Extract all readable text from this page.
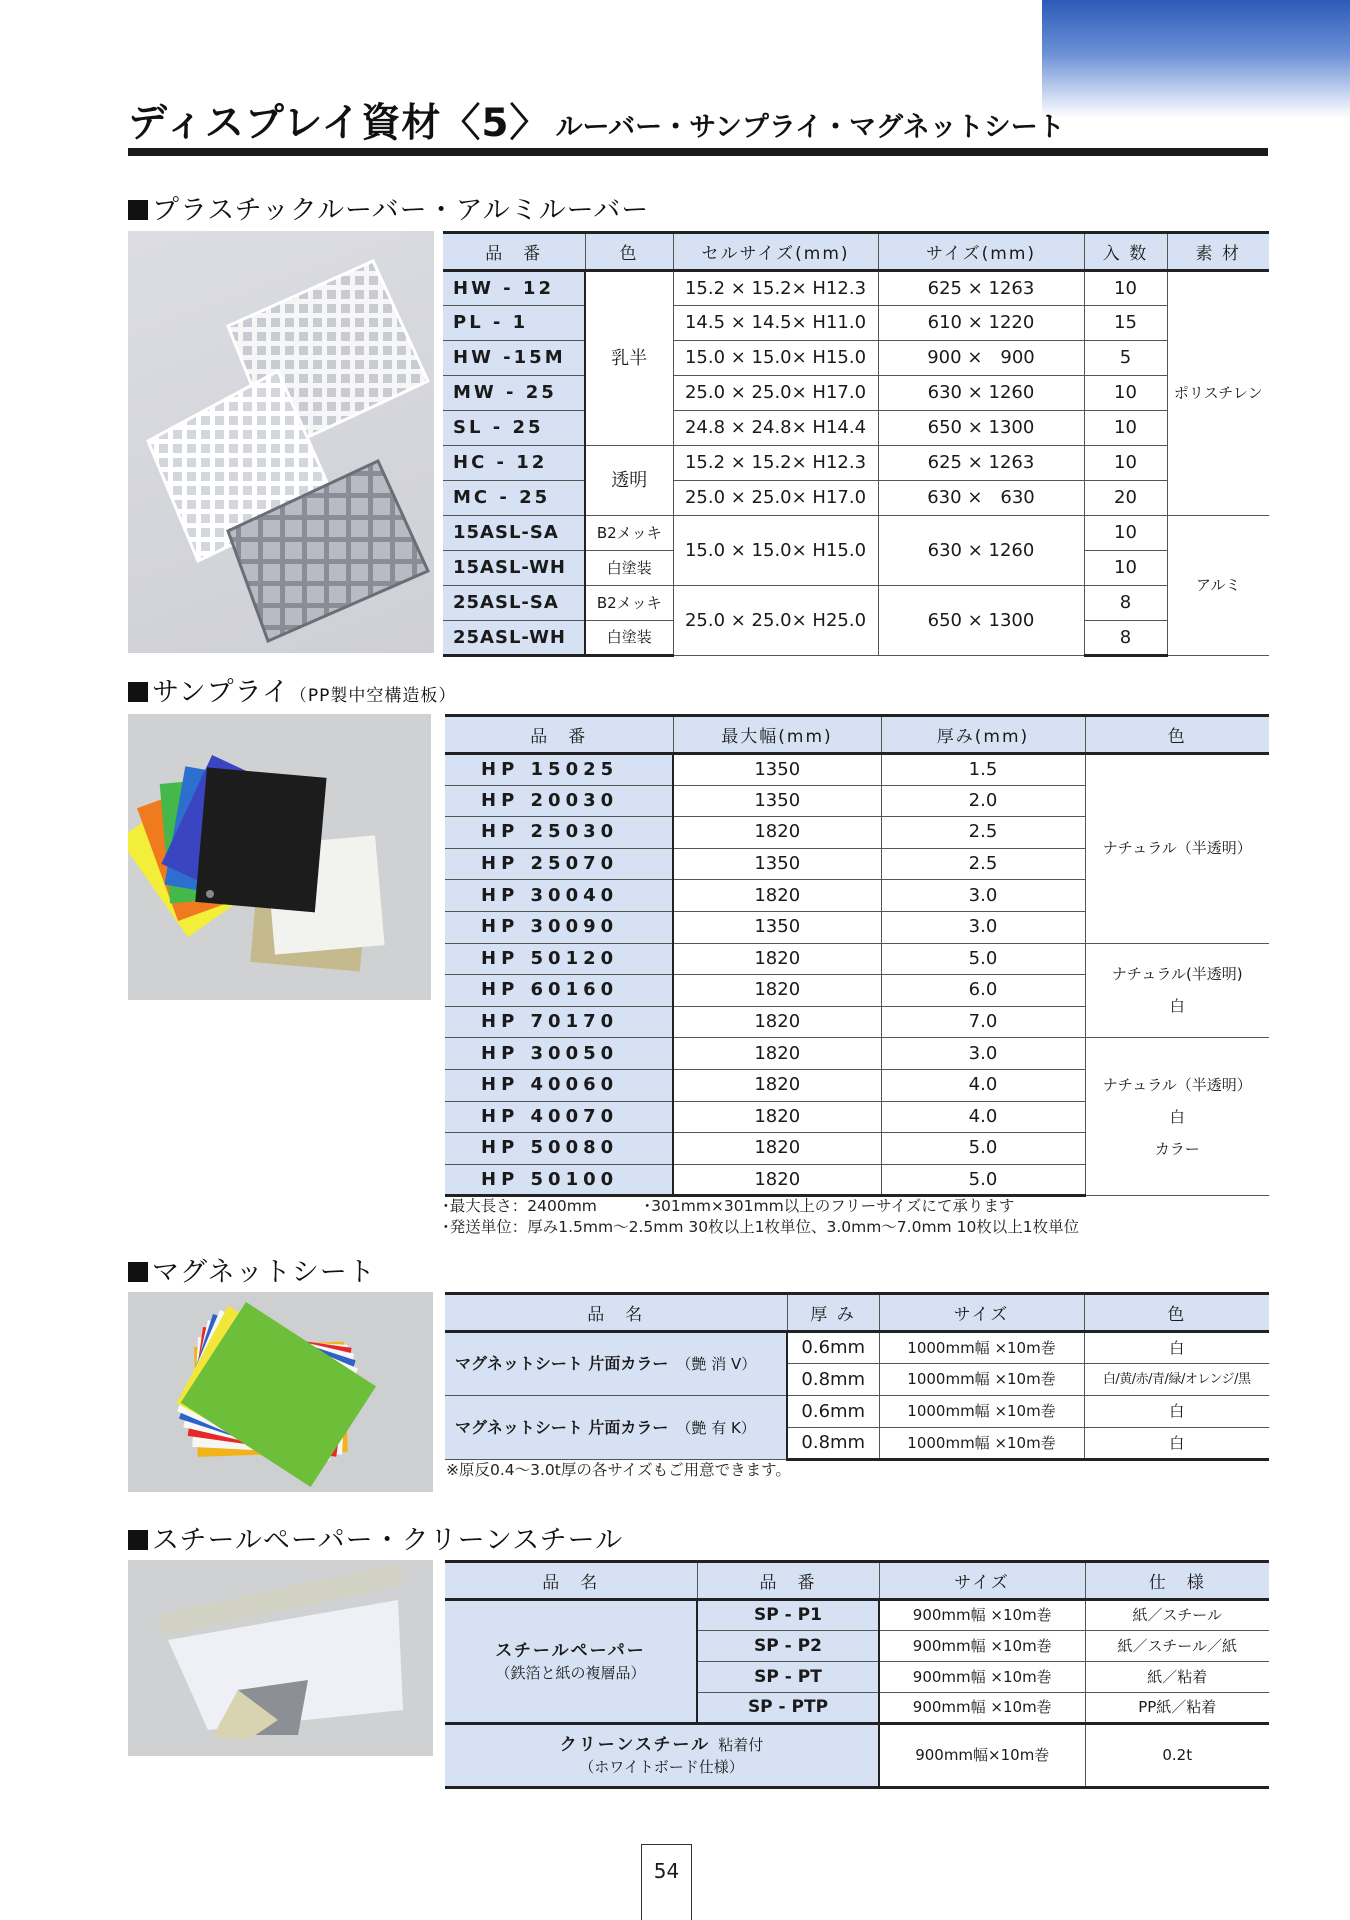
ディスプレイ資材〈5〉 ルーバー・サンプライ・マグネットシート
プラスチックルーバー・アルミルーバー
品　番	色	セルサイズ(mm)	サイズ(mm)	入 数	素 材
HW - 12	乳半	15.2 × 15.2× H12.3	625 × 1263	10	ポリスチレン
PL - 1		14.5 × 14.5× H11.0	610 × 1220	15	
HW -15M		15.0 × 15.0× H15.0	900 ×　900	5	
MW - 25		25.0 × 25.0× H17.0	630 × 1260	10	
SL - 25		24.8 × 24.8× H14.4	650 × 1300	10	
HC - 12	透明	15.2 × 15.2× H12.3	625 × 1263	10	
MC - 25		25.0 × 25.0× H17.0	630 ×　630	20	
15ASL-SA	B2メッキ	15.0 × 15.0× H15.0	630 × 1260	10	アルミ
15ASL-WH	白塗装			10	
25ASL-SA	B2メッキ	25.0 × 25.0× H25.0	650 × 1300	8	
25ASL-WH	白塗装			8	
サンプライ（PP製中空構造板）
品　番	最大幅(mm)	厚み(mm)	色
HP 15025	1350	1.5	ナチュラル（半透明）
HP 20030	1350	2.0	
HP 25030	1820	2.5	
HP 25070	1350	2.5	
HP 30040	1820	3.0	
HP 30090	1350	3.0	
HP 50120	1820	5.0	ナチュラル(半透明)
白
HP 60160	1820	6.0	
HP 70170	1820	7.0	
HP 30050	1820	3.0	ナチュラル（半透明）
白
カラー
HP 40060	1820	4.0	
HP 40070	1820	4.0	
HP 50080	1820	5.0	
HP 50100	1820	5.0	
･最大長さ：2400mm　　　･301mm×301mm以上のフリーサイズにて承ります
･発送単位：厚み1.5mm〜2.5mm 30枚以上1枚単位、3.0mm〜7.0mm 10枚以上1枚単位
マグネットシート
品　名	厚 み	サイズ	色
マグネットシート 片面カラー （艶 消 V）	0.6mm	1000mm幅 ×10m巻	白
	0.8mm	1000mm幅 ×10m巻	白/黄/赤/青/緑/オレンジ/黒
マグネットシート 片面カラー （艶 有 K）	0.6mm	1000mm幅 ×10m巻	白
	0.8mm	1000mm幅 ×10m巻	白
※原反0.4〜3.0t厚の各サイズもご用意できます。
スチールペーパー・クリーンスチール
品　名	品　番	サイズ	仕　様
スチールペーパー
（鉄箔と紙の複層品）	SP - P1	900mm幅 ×10m巻	紙／スチール
	SP - P2	900mm幅 ×10m巻	紙／スチール／紙
	SP - PT	900mm幅 ×10m巻	紙／粘着
	SP - PTP	900mm幅 ×10m巻	PP紙／粘着
クリーンスチール 粘着付
（ホワイトボード仕様）		900mm幅×10m巻	0.2t
54
